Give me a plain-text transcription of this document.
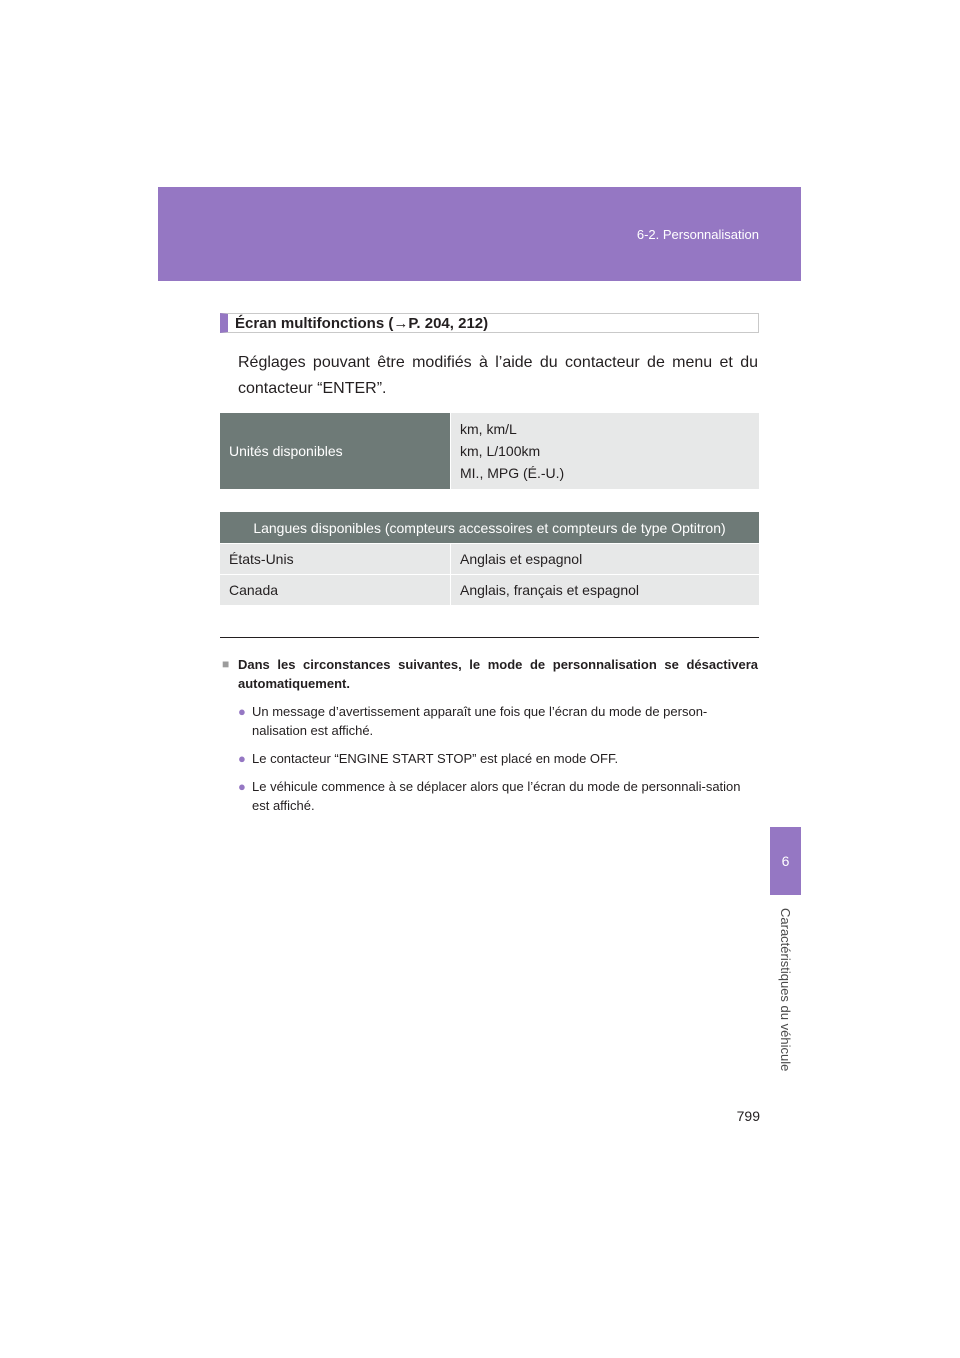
6-2. Personnalisation
6
Caractéristiques du véhicule
Écran multifonctions (→P. 204, 212)
Réglages pouvant être modifiés à l’aide du contacteur de menu et du contacteur “ENTER”.
Unités disponibles
km, km/L
km, L/100km
MI., MPG (É.-U.)
Langues disponibles (compteurs accessoires et compteurs de type Optitron)
États-Unis	Anglais et espagnol
Canada	Anglais, français et espagnol
■ Dans les circonstances suivantes, le mode de personnalisation se désactivera automatiquement.
● Un message d’avertissement apparaît une fois que l’écran du mode de person-nalisation est affiché.
● Le contacteur “ENGINE START STOP” est placé en mode OFF.
● Le véhicule commence à se déplacer alors que l’écran du mode de personnali-sation est affiché.
799
